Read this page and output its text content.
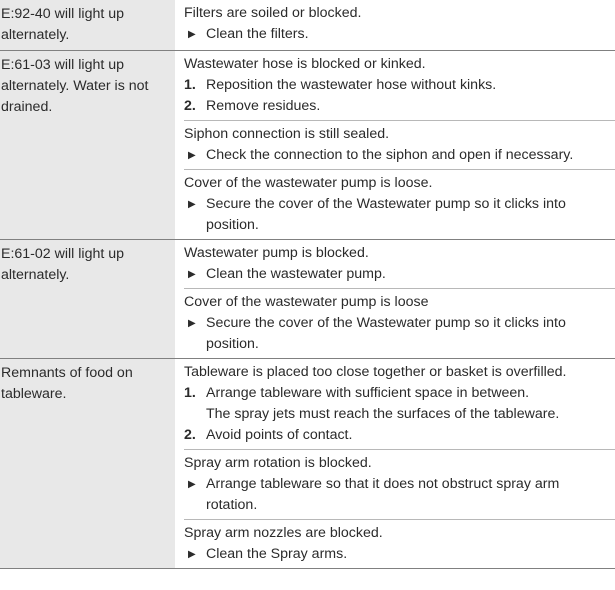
E:92-40 will light up alternately.
Filters are soiled or blocked.
▶ Clean the filters.
E:61-03 will light up alternately. Water is not drained.
Wastewater hose is blocked or kinked.
1. Reposition the wastewater hose without kinks.
2. Remove residues.
Siphon connection is still sealed.
▶ Check the connection to the siphon and open if necessary.
Cover of the wastewater pump is loose.
▶ Secure the cover of the Wastewater pump so it clicks into position.
E:61-02 will light up alternately.
Wastewater pump is blocked.
▶ Clean the wastewater pump.
Cover of the wastewater pump is loose
▶ Secure the cover of the Wastewater pump so it clicks into position.
Remnants of food on tableware.
Tableware is placed too close together or basket is overfilled.
1. Arrange tableware with sufficient space in between.
The spray jets must reach the surfaces of the tableware.
2. Avoid points of contact.
Spray arm rotation is blocked.
▶ Arrange tableware so that it does not obstruct spray arm rotation.
Spray arm nozzles are blocked.
▶ Clean the Spray arms.
